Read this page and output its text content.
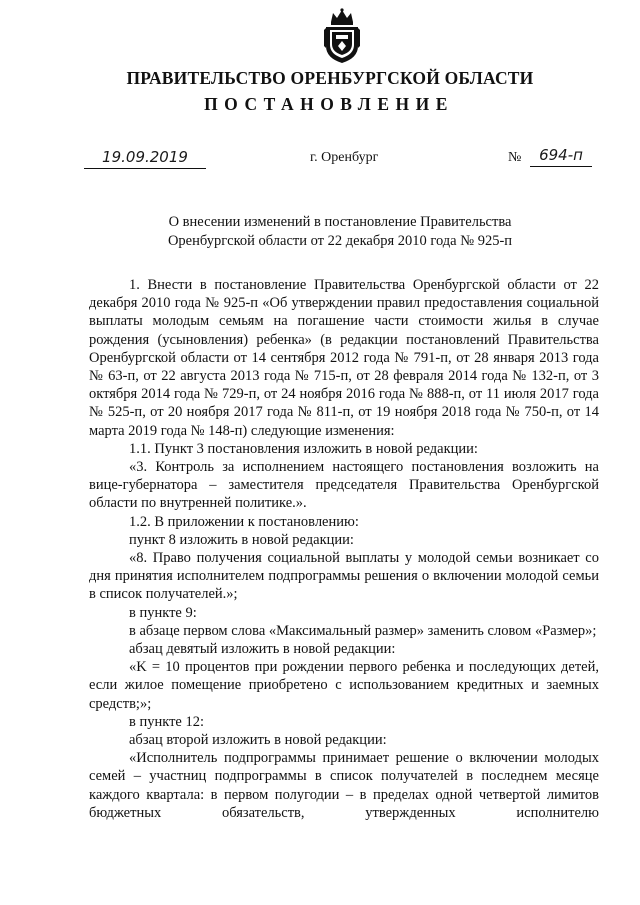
ПРАВИТЕЛЬСТВО ОРЕНБУРГСКОЙ ОБЛАСТИ
ПОСТАНОВЛЕНИЕ
19.09.2019	г. Оренбург	№	694-п
О внесении изменений в постановление Правительства
Оренбургской области от 22 декабря 2010 года № 925-п

1. Внести в постановление Правительства Оренбургской области от 22 декабря 2010 года № 925-п «Об утверждении правил предоставления социальной выплаты молодым семьям на погашение части стоимости жилья в случае рождения (усыновления) ребенка» (в редакции постановлений Правительства Оренбургской области от 14 сентября 2012 года № 791-п, от 28 января 2013 года № 63-п, от 22 августа 2013 года № 715-п, от 28 февраля 2014 года № 132-п, от 3 октября 2014 года № 729-п, от 24 ноября 2016 года № 888-п, от 11 июля 2017 года № 525-п, от 20 ноября 2017 года № 811-п, от 19 ноября 2018 года № 750-п, от 14 марта 2019 года № 148-п) следующие изменения:

1.1. Пункт 3 постановления изложить в новой редакции:

«3. Контроль за исполнением настоящего постановления возложить на вице-губернатора – заместителя председателя Правительства Оренбургской области по внутренней политике.».

1.2. В приложении к постановлению:

пункт 8 изложить в новой редакции:

«8. Право получения социальной выплаты у молодой семьи возникает со дня принятия исполнителем подпрограммы решения о включении молодой семьи в список получателей.»;

в пункте 9:

в абзаце первом слова «Максимальный размер» заменить словом «Размер»;

абзац девятый изложить в новой редакции:

«K = 10 процентов при рождении первого ребенка и последующих детей, если жилое помещение приобретено с использованием кредитных и заемных средств;»;

в пункте 12:

абзац второй изложить в новой редакции:

«Исполнитель подпрограммы принимает решение о включении молодых семей – участниц подпрограммы в список получателей в последнем месяце каждого квартала: в первом полугодии – в пределах одной четвертой лимитов бюджетных обязательств, утвержденных исполнителю
